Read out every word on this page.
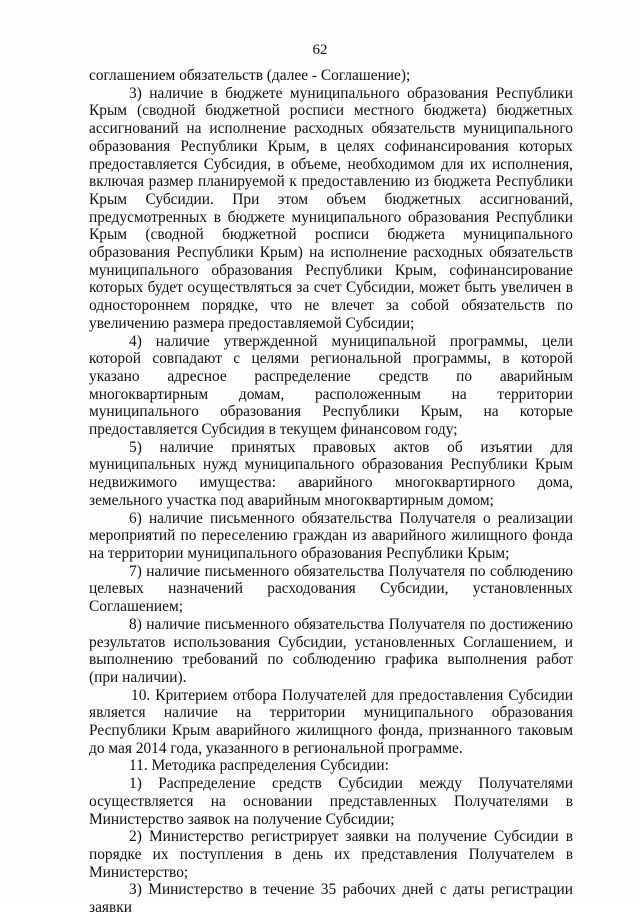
62

соглашением обязательств (далее - Соглашение);

3) наличие в бюджете муниципального образования Республики Крым (сводной бюджетной росписи местного бюджета) бюджетных ассигнований на исполнение расходных обязательств муниципального образования Республики Крым, в целях софинансирования которых предоставляется Субсидия, в объеме, необходимом для их исполнения, включая размер планируемой к предоставлению из бюджета Республики Крым Субсидии. При этом объем бюджетных ассигнований, предусмотренных в бюджете муниципального образования Республики Крым (сводной бюджетной росписи бюджета муниципального образования Республики Крым) на исполнение расходных обязательств муниципального образования Республики Крым, софинансирование которых будет осуществляться за счет Субсидии, может быть увеличен в одностороннем порядке, что не влечет за собой обязательств по увеличению размера предоставляемой Субсидии;

4) наличие утвержденной муниципальной программы, цели которой совпадают с целями региональной программы, в которой указано адресное распределение средств по аварийным многоквартирным домам, расположенным на территории муниципального образования Республики Крым, на которые предоставляется Субсидия в текущем финансовом году;

5) наличие принятых правовых актов об изъятии для муниципальных нужд муниципального образования Республики Крым недвижимого имущества: аварийного многоквартирного дома, земельного участка под аварийным многоквартирным домом;

6) наличие письменного обязательства Получателя о реализации мероприятий по переселению граждан из аварийного жилищного фонда на территории муниципального образования Республики Крым;

7) наличие письменного обязательства Получателя по соблюдению целевых назначений расходования Субсидии, установленных Соглашением;

8) наличие письменного обязательства Получателя по достижению результатов использования Субсидии, установленных Соглашением, и выполнению требований по соблюдению графика выполнения работ (при наличии).

10. Критерием отбора Получателей для предоставления Субсидии является наличие на территории муниципального образования Республики Крым аварийного жилищного фонда, признанного таковым до мая 2014 года, указанного в региональной программе.

11. Методика распределения Субсидии:

1) Распределение средств Субсидии между Получателями осуществляется на основании представленных Получателями в Министерство заявок на получение Субсидии;

2) Министерство регистрирует заявки на получение Субсидии в порядке их поступления в день их представления Получателем в Министерство;

3) Министерство в течение 35 рабочих дней с даты регистрации заявки
